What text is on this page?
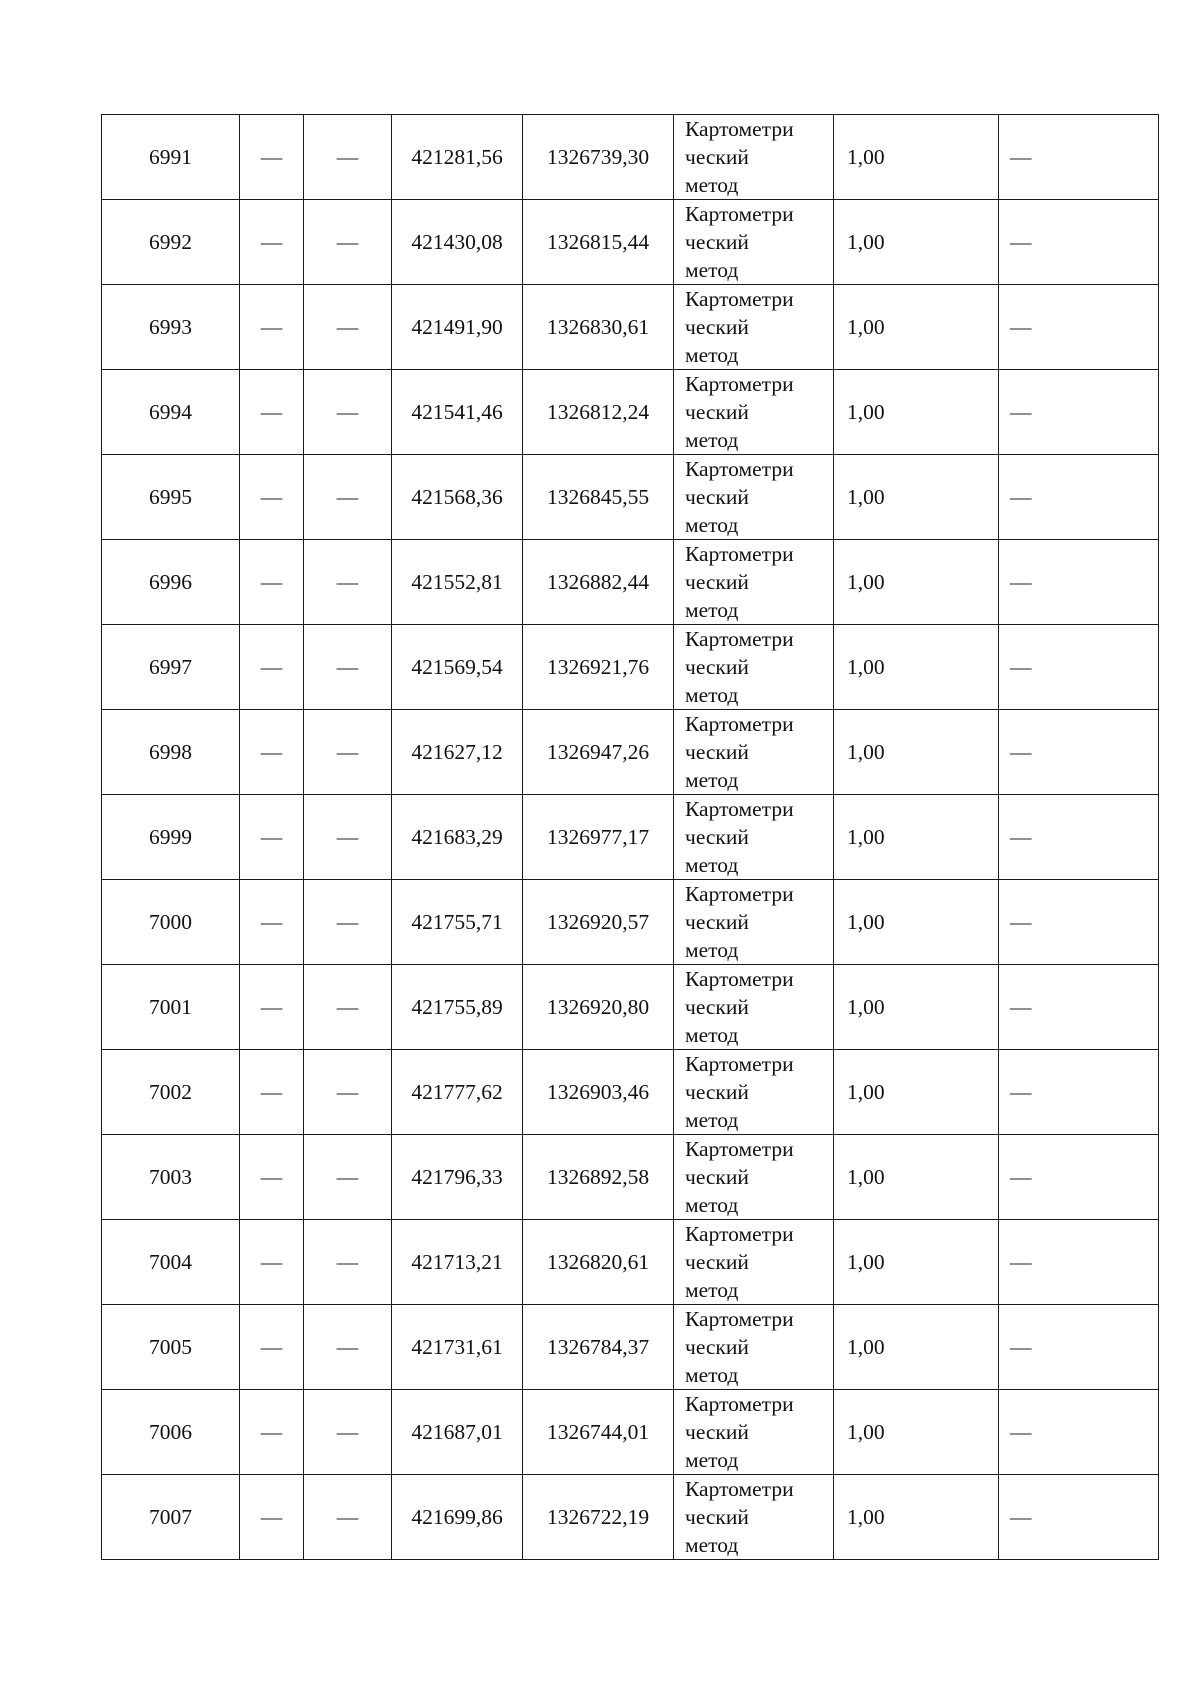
6991	—	—	421281,56	1326739,30	Картометри
ческий
метод	1,00	—
6992	—	—	421430,08	1326815,44	Картометри
ческий
метод	1,00	—
6993	—	—	421491,90	1326830,61	Картометри
ческий
метод	1,00	—
6994	—	—	421541,46	1326812,24	Картометри
ческий
метод	1,00	—
6995	—	—	421568,36	1326845,55	Картометри
ческий
метод	1,00	—
6996	—	—	421552,81	1326882,44	Картометри
ческий
метод	1,00	—
6997	—	—	421569,54	1326921,76	Картометри
ческий
метод	1,00	—
6998	—	—	421627,12	1326947,26	Картометри
ческий
метод	1,00	—
6999	—	—	421683,29	1326977,17	Картометри
ческий
метод	1,00	—
7000	—	—	421755,71	1326920,57	Картометри
ческий
метод	1,00	—
7001	—	—	421755,89	1326920,80	Картометри
ческий
метод	1,00	—
7002	—	—	421777,62	1326903,46	Картометри
ческий
метод	1,00	—
7003	—	—	421796,33	1326892,58	Картометри
ческий
метод	1,00	—
7004	—	—	421713,21	1326820,61	Картометри
ческий
метод	1,00	—
7005	—	—	421731,61	1326784,37	Картометри
ческий
метод	1,00	—
7006	—	—	421687,01	1326744,01	Картометри
ческий
метод	1,00	—
7007	—	—	421699,86	1326722,19	Картометри
ческий
метод	1,00	—
